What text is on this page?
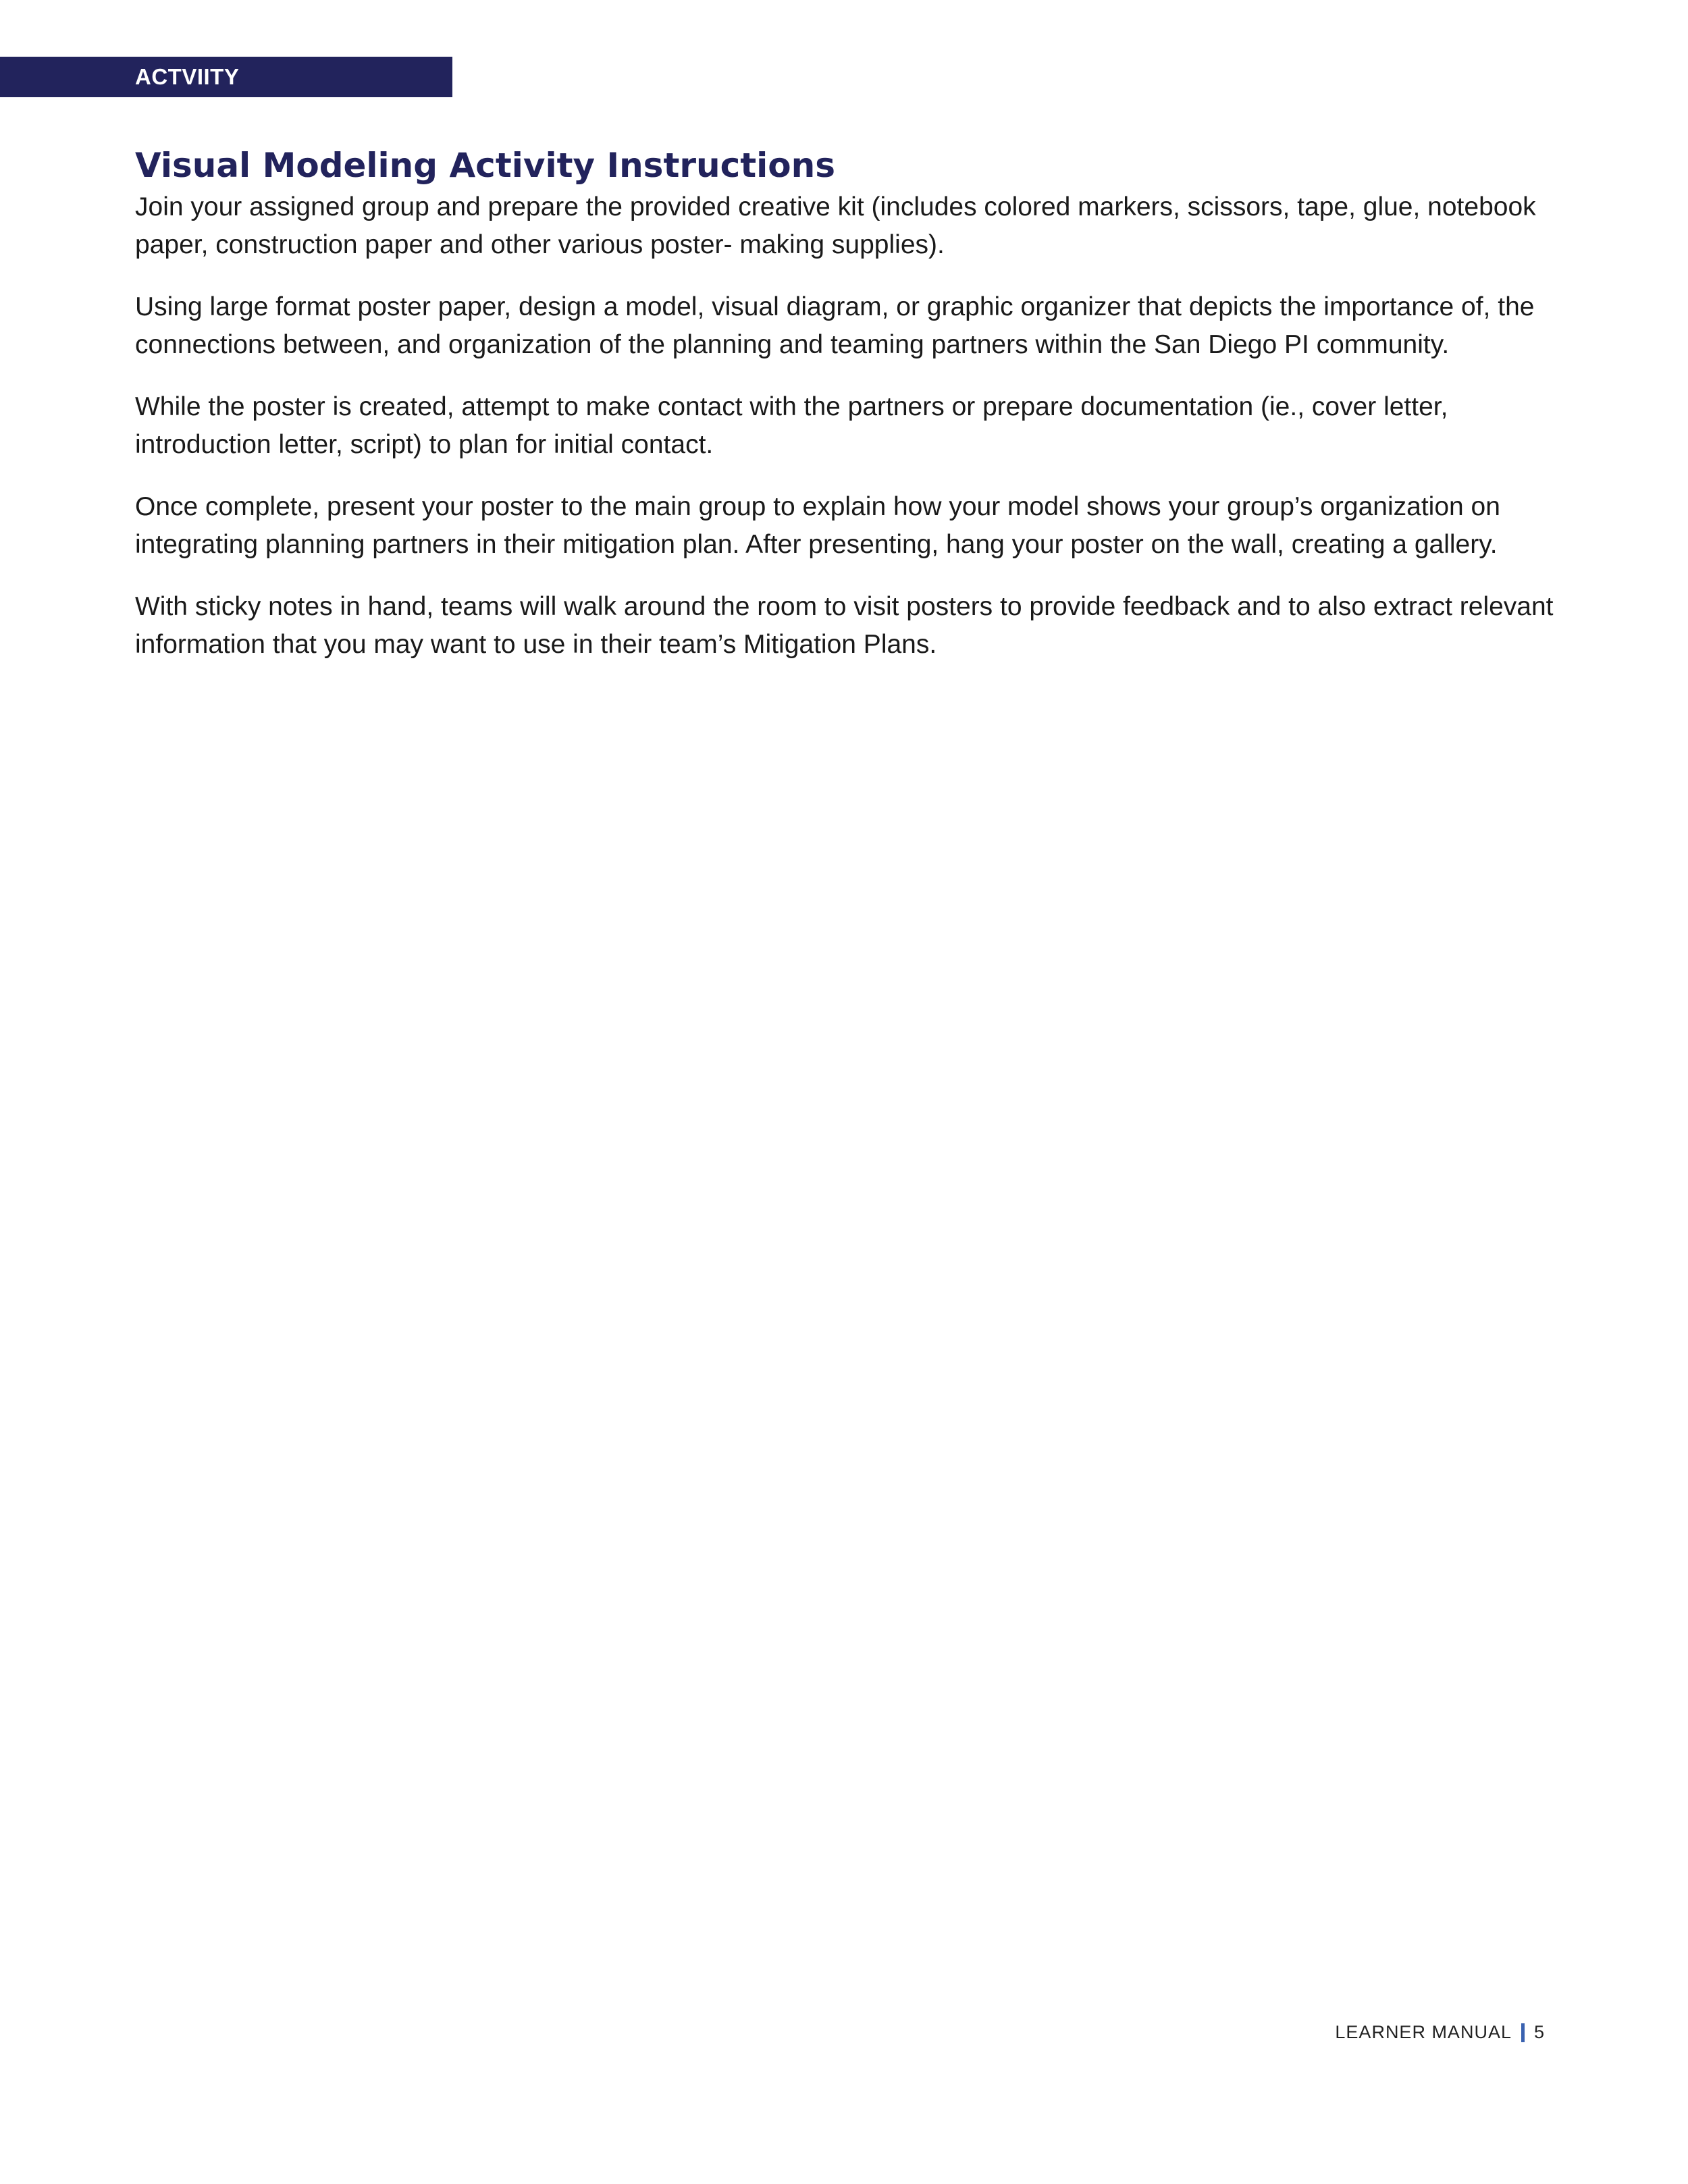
ACTVIITY
Visual Modeling Activity Instructions

Join your assigned group and prepare the provided creative kit (includes colored markers, scissors, tape, glue, notebook paper, construction paper and other various poster- making supplies).

Using large format poster paper, design a model, visual diagram, or graphic organizer that depicts the importance of, the connections between, and organization of the planning and teaming partners within the San Diego PI community.

While the poster is created, attempt to make contact with the partners or prepare documentation (ie., cover letter, introduction letter, script) to plan for initial contact.

Once complete, present your poster to the main group to explain how your model shows your group’s organization on integrating planning partners in their mitigation plan. After presenting, hang your poster on the wall, creating a gallery.

With sticky notes in hand, teams will walk around the room to visit posters to provide feedback and to also extract relevant information that you may want to use in their team’s Mitigation Plans.

LEARNER MANUAL 5
